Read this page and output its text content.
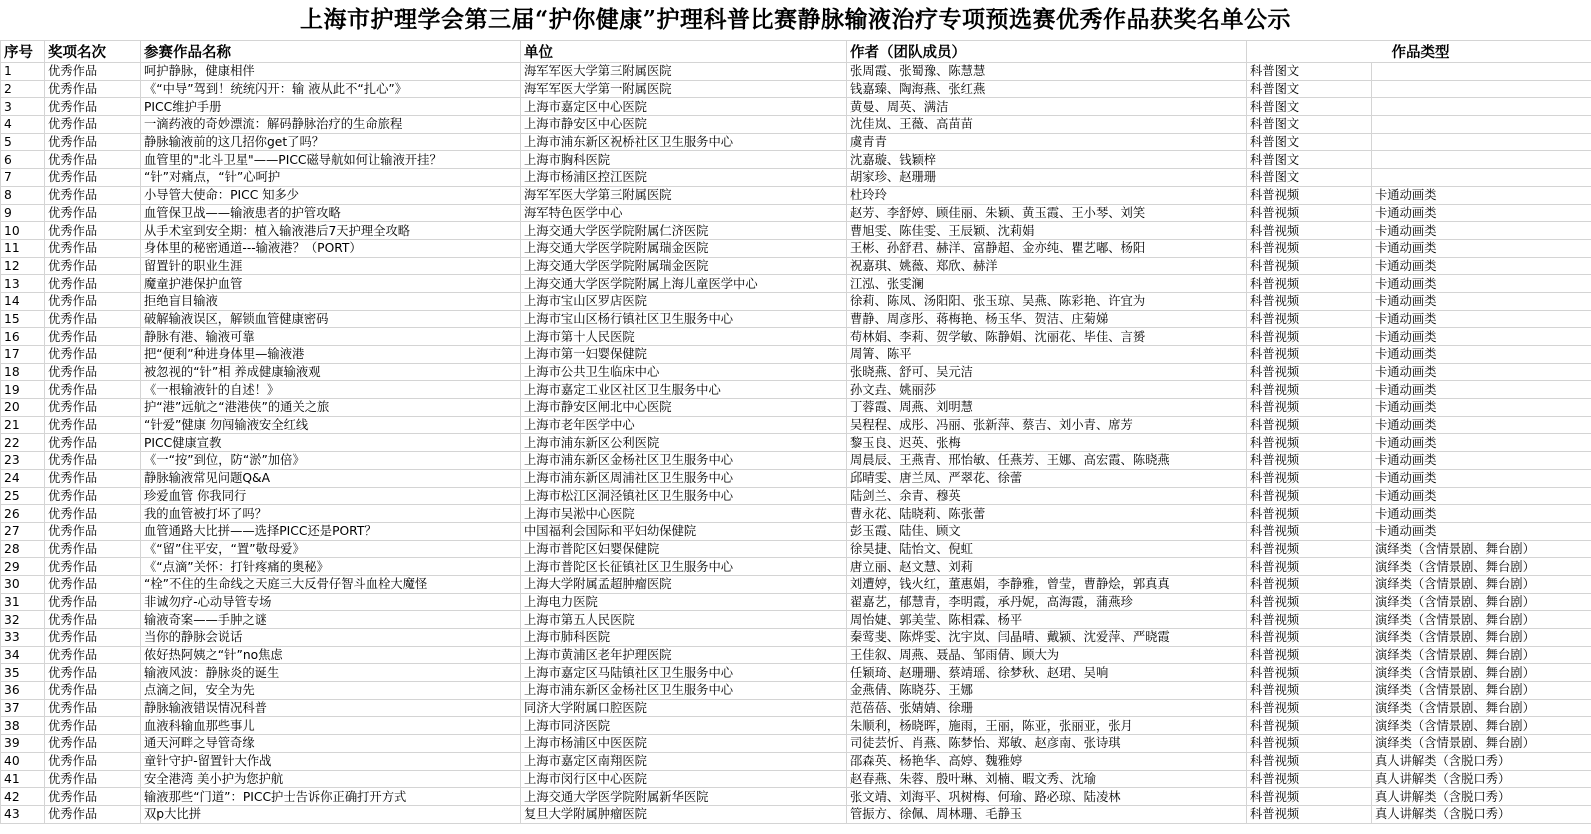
上海市护理学会第三届“护你健康”护理科普比赛静脉输液治疗专项预选赛优秀作品获奖名单公示
序号	奖项名次	参赛作品名称	单位	作者（团队成员）	作品类型	
1	优秀作品	呵护静脉，健康相伴	海军军医大学第三附属医院	张周霞、张蜀豫、陈慧慧	科普图文	
2	优秀作品	《“中导”驾到！统统闪开：输 液从此不“扎心”》	海军军医大学第一附属医院	钱嘉臻、陶海燕、张红燕	科普图文	
3	优秀作品	PICC维护手册	上海市嘉定区中心医院	黄曼、周英、满洁	科普图文	
4	优秀作品	一滴药液的奇妙漂流：解码静脉治疗的生命旅程	上海市静安区中心医院	沈佳岚、王薇、高苗苗	科普图文	
5	优秀作品	静脉输液前的这几招你get了吗？	上海市浦东新区祝桥社区卫生服务中心	虞青青	科普图文	
6	优秀作品	血管里的"北斗卫星"——PICC磁导航如何让输液开挂？	上海市胸科医院	沈嘉璇、钱颖梓	科普图文	
7	优秀作品	“针”对痛点，“针”心呵护	上海市杨浦区控江医院	胡家珍、赵珊珊	科普图文	
8	优秀作品	小导管大使命：PICC 知多少	海军军医大学第三附属医院	杜玲玲	科普视频	卡通动画类
9	优秀作品	血管保卫战——输液患者的护管攻略	海军特色医学中心	赵芳、李舒婷、顾佳丽、朱颖、黄玉霞、王小琴、刘笑	科普视频	卡通动画类
10	优秀作品	从手术室到安全期：植入输液港后7天护理全攻略	上海交通大学医学院附属仁济医院	曹旭雯、陈佳雯、王辰颖、沈莉娟	科普视频	卡通动画类
11	优秀作品	身体里的秘密通道---输液港？（PORT）	上海交通大学医学院附属瑞金医院	王彬、孙舒君、赫洋、富静超、金亦纯、瞿艺嘟、杨阳	科普视频	卡通动画类
12	优秀作品	留置针的职业生涯	上海交通大学医学院附属瑞金医院	祝嘉琪、姚薇、郑欣、赫洋	科普视频	卡通动画类
13	优秀作品	魔童护港保护血管	上海交通大学医学院附属上海儿童医学中心	江泓、张雯澜	科普视频	卡通动画类
14	优秀作品	拒绝盲目输液	上海市宝山区罗店医院	徐莉、陈凤、汤阳阳、张玉琼、吴燕、陈彩艳、许宜为	科普视频	卡通动画类
15	优秀作品	破解输液误区，解锁血管健康密码	上海市宝山区杨行镇社区卫生服务中心	曹静、周彦彤、蒋梅艳、杨玉华、贺洁、庄菊娣	科普视频	卡通动画类
16	优秀作品	静脉有港、输液可靠	上海市第十人民医院	苟林娟、李莉、贺学敏、陈静娟、沈丽花、毕佳、言赟	科普视频	卡通动画类
17	优秀作品	把“便利”种进身体里—输液港	上海市第一妇婴保健院	周箐、陈平	科普视频	卡通动画类
18	优秀作品	被忽视的“针”相 养成健康输液观	上海市公共卫生临床中心	张晓燕、舒可、吴元洁	科普视频	卡通动画类
19	优秀作品	《一根输液针的自述！》	上海市嘉定工业区社区卫生服务中心	孙文垚、姚丽莎	科普视频	卡通动画类
20	优秀作品	护“港”远航之“港港侠”的通关之旅	上海市静安区闸北中心医院	丁蓉霞、周燕、刘明慧	科普视频	卡通动画类
21	优秀作品	“针爱”健康 勿闯输液安全红线	上海市老年医学中心	吴程程、成彤、冯丽、张新萍、蔡吉、刘小青、席芳	科普视频	卡通动画类
22	优秀作品	PICC健康宣教	上海市浦东新区公利医院	黎玉良、迟英、张梅	科普视频	卡通动画类
23	优秀作品	《一“按”到位，防“淤”加倍》	上海市浦东新区金杨社区卫生服务中心	周晨辰、王燕青、邢怡敏、任燕芳、王娜、高宏霞、陈晓燕	科普视频	卡通动画类
24	优秀作品	静脉输液常见问题Q&A	上海市浦东新区周浦社区卫生服务中心	邱晴雯、唐兰凤、严翠花、徐蕾	科普视频	卡通动画类
25	优秀作品	珍爱血管 你我同行	上海市松江区洞泾镇社区卫生服务中心	陆剑兰、余青、穆英	科普视频	卡通动画类
26	优秀作品	我的血管被打坏了吗？	上海市吴淞中心医院	曹永花、陆晓莉、陈张蕾	科普视频	卡通动画类
27	优秀作品	血管通路大比拼——选择PICC还是PORT？	中国福利会国际和平妇幼保健院	彭玉霞、陆佳、顾文	科普视频	卡通动画类
28	优秀作品	《“留”住平安，“置”敬母爱》	上海市普陀区妇婴保健院	徐昊捷、陆怡文、倪虹	科普视频	演绎类（含情景剧、舞台剧）
29	优秀作品	《“点滴”关怀：打针疼痛的奥秘》	上海市普陀区长征镇社区卫生服务中心	唐立丽、赵文慧、刘莉	科普视频	演绎类（含情景剧、舞台剧）
30	优秀作品	“栓”不住的生命线之天庭三大反骨仔智斗血栓大魔怪	上海大学附属孟超肿瘤医院	刘遭婷，钱火红，董惠娟，李静雅，曾莹，曹静烩，郭真真	科普视频	演绎类（含情景剧、舞台剧）
31	优秀作品	非诚勿疗-心动导管专场	上海电力医院	翟嘉艺，郁慧青，李明霞，承丹妮，高海霞，蒲燕珍	科普视频	演绎类（含情景剧、舞台剧）
32	优秀作品	输液奇案——手肿之谜	上海市第五人民医院	周怡婕、郭美莹、陈相霖、杨平	科普视频	演绎类（含情景剧、舞台剧）
33	优秀作品	当你的静脉会说话	上海市肺科医院	秦莺斐、陈烨雯、沈宇岚、闫晶晴、戴颍、沈爱萍、严晓霞	科普视频	演绎类（含情景剧、舞台剧）
34	优秀作品	侬好热阿姨之“针”no焦虑	上海市黄浦区老年护理医院	王佳叙、周燕、聂晶、邹雨倩、顾大为	科普视频	演绎类（含情景剧、舞台剧）
35	优秀作品	输液风波：静脉炎的诞生	上海市嘉定区马陆镇社区卫生服务中心	任颖琦、赵珊珊、蔡靖瑶、徐梦秋、赵珺、吴响	科普视频	演绎类（含情景剧、舞台剧）
36	优秀作品	点滴之间，安全为先	上海市浦东新区金杨社区卫生服务中心	金燕倩、陈晓芬、王娜	科普视频	演绎类（含情景剧、舞台剧）
37	优秀作品	静脉输液错误情况科普	同济大学附属口腔医院	范蓓蓓、张婧婧、徐珊	科普视频	演绎类（含情景剧、舞台剧）
38	优秀作品	血液科输血那些事儿	上海市同济医院	朱顺利，杨晓晖，施雨，王丽，陈亚，张丽亚，张月	科普视频	演绎类（含情景剧、舞台剧）
39	优秀作品	通天河畔之导管奇缘	上海市杨浦区中医医院	司徒芸忻、肖燕、陈梦怡、郑敏、赵彦南、张诗琪	科普视频	演绎类（含情景剧、舞台剧）
40	优秀作品	童针守护-留置针大作战	上海市嘉定区南翔医院	邵森英、杨艳华、高婷、魏雅婷	科普视频	真人讲解类（含脱口秀）
41	优秀作品	安全港湾 美小护为您护航	上海市闵行区中心医院	赵春燕、朱蓉、殷叶琳、刘楠、暇文秀、沈瑜	科普视频	真人讲解类（含脱口秀）
42	优秀作品	输液那些“门道”：PICC护士告诉你正确打开方式	上海交通大学医学院附属新华医院	张文靖、刘海平、巩树梅、何瑜、路必琼、陆凌林	科普视频	真人讲解类（含脱口秀）
43	优秀作品	双p大比拼	复旦大学附属肿瘤医院	管振方、徐佩、周林珊、毛静玉	科普视频	真人讲解类（含脱口秀）
